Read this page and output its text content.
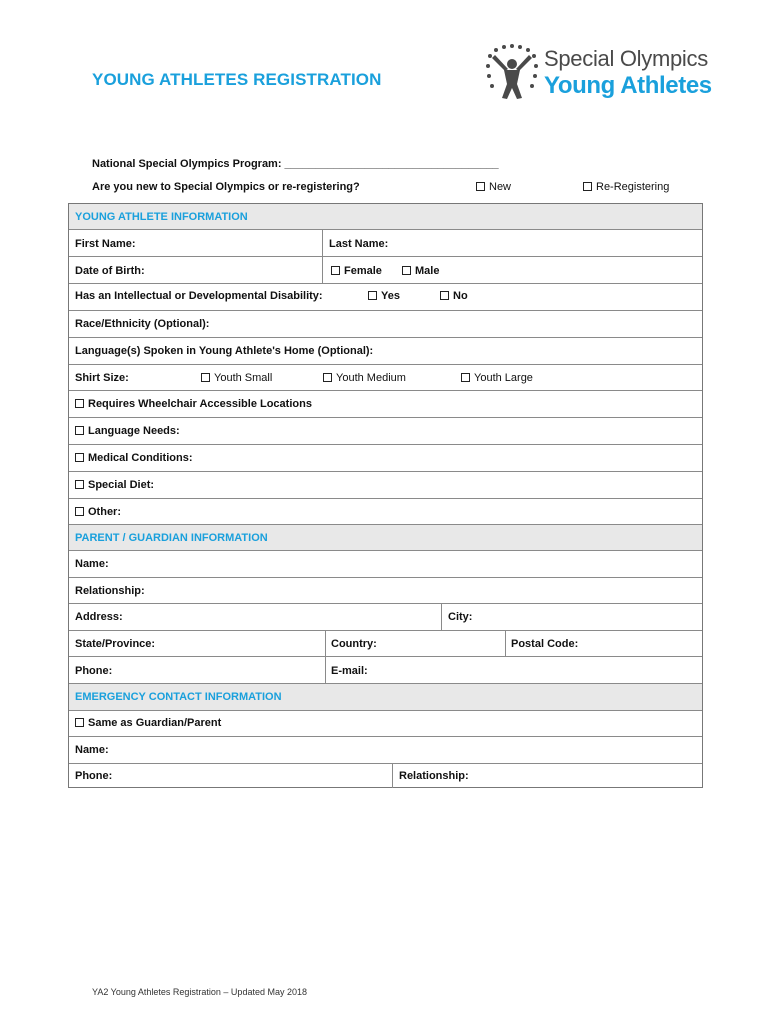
YOUNG ATHLETES REGISTRATION
Special Olympics
Young Athletes
National Special Olympics Program: ___________________________________
Are you new to Special Olympics or re-registering?	New	Re-Registering
YOUNG ATHLETE INFORMATION
First Name:	Last Name:
Date of Birth:	Female	Male
Has an Intellectual or Developmental Disability:	Yes	No
Race/Ethnicity (Optional):
Language(s) Spoken in Young Athlete's Home (Optional):
Shirt Size:	Youth Small	Youth Medium	Youth Large
Requires Wheelchair Accessible Locations
Language Needs:
Medical Conditions:
Special Diet:
Other:
PARENT / GUARDIAN INFORMATION
Name:
Relationship:
Address:	City:
State/Province:	Country:	Postal Code:
Phone:	E-mail:
EMERGENCY CONTACT INFORMATION
Same as Guardian/Parent
Name:
Phone:	Relationship:
YA2 Young Athletes Registration – Updated May 2018
